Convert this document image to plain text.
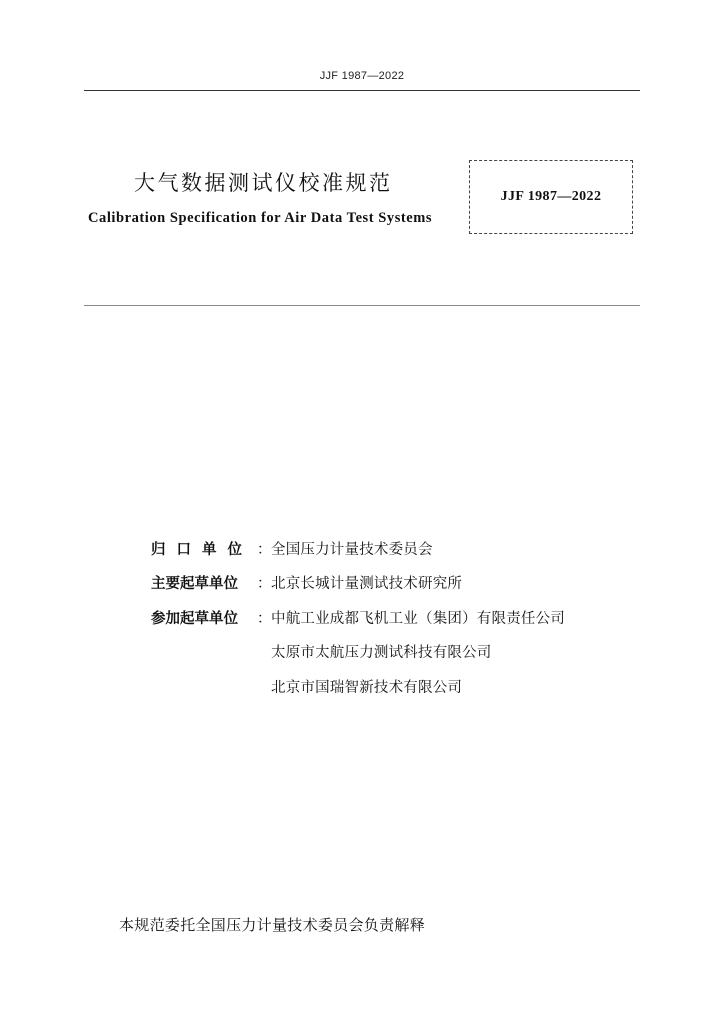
JJF 1987—2022
大气数据测试仪校准规范
Calibration Specification for Air Data Test Systems
JJF 1987—2022
归口单位 ： 全国压力计量技术委员会
主要起草单位	： 北京长城计量测试技术研究所
参加起草单位	： 中航工业成都飞机工业（集团）有限责任公司
太原市太航压力测试科技有限公司
北京市国瑞智新技术有限公司
本规范委托全国压力计量技术委员会负责解释
